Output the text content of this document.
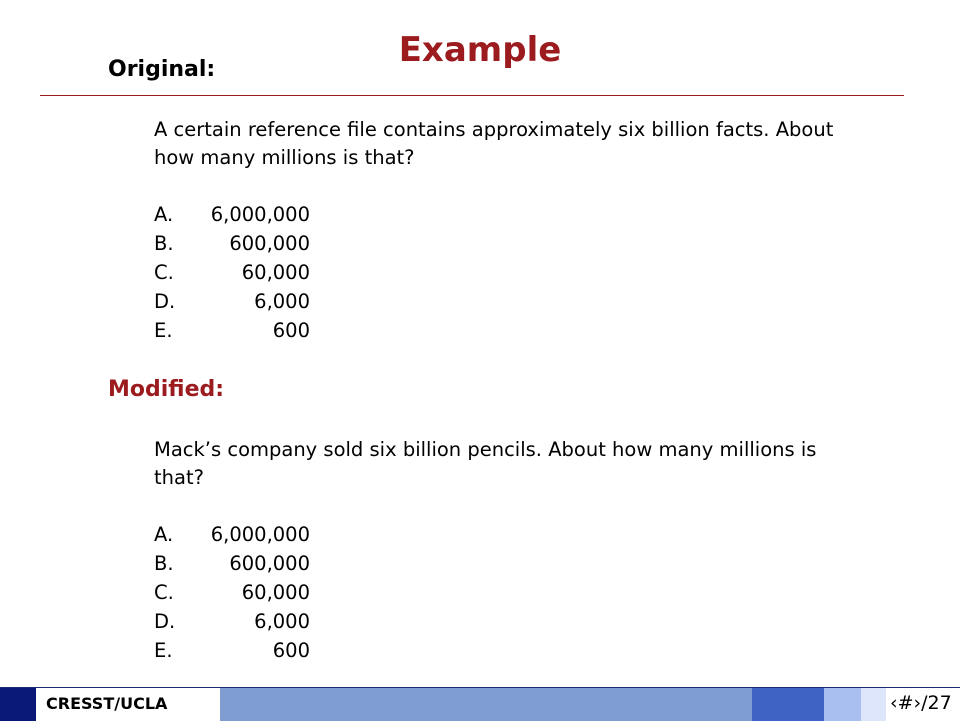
Example
Original:
A certain reference file contains approximately six billion facts. About how many millions is that?
A.	6,000,000
B.	600,000
C.	60,000
D.	6,000
E.	600
Modified:
Mack’s company sold six billion pencils. About how many millions is that?
A.	6,000,000
B.	600,000
C.	60,000
D.	6,000
E.	600
CRESST/UCLA	‹#›/27
